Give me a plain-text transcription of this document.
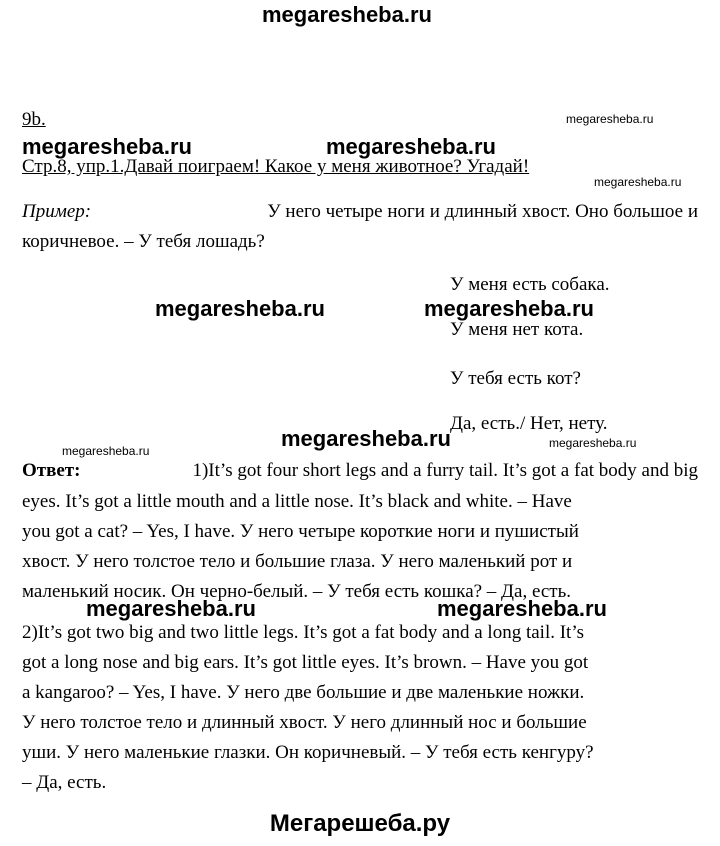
megaresheba.ru
megaresheba.ru
megaresheba.ru	megaresheba.ru
megaresheba.ru
megaresheba.ru	megaresheba.ru
megaresheba.ru	megaresheba.ru	megaresheba.ru
megaresheba.ru	megaresheba.ru
Мегарешеба.ру
9b.
Стр.8, упр.1.Давай поиграем! Какое у меня животное? Угадай!
Пример:	У него четыре ноги и длинный хвост. Оно большое и
коричневое. – У тебя лошадь?
У меня есть собака.
У меня нет кота.
У тебя есть кот?
Да, есть./ Нет, нету.
Ответ:	1)It’s got four short legs and a furry tail. It’s got a fat body and big
eyes. It’s got a little mouth and a little nose. It’s black and white. – Have
you got a cat? – Yes, I have. У него четыре короткие ноги и пушистый
хвост. У него толстое тело и большие глаза. У него маленький рот и
маленький носик. Он черно-белый. – У тебя есть кошка? – Да, есть.
2)It’s got two big and two little legs. It’s got a fat body and a long tail. It’s
got a long nose and big ears. It’s got little eyes. It’s brown. – Have you got
a kangaroo? – Yes, I have. У него две большие и две маленькие ножки.
У него толстое тело и длинный хвост. У него длинный нос и большие
уши. У него маленькие глазки. Он коричневый. – У тебя есть кенгуру?
– Да, есть.
